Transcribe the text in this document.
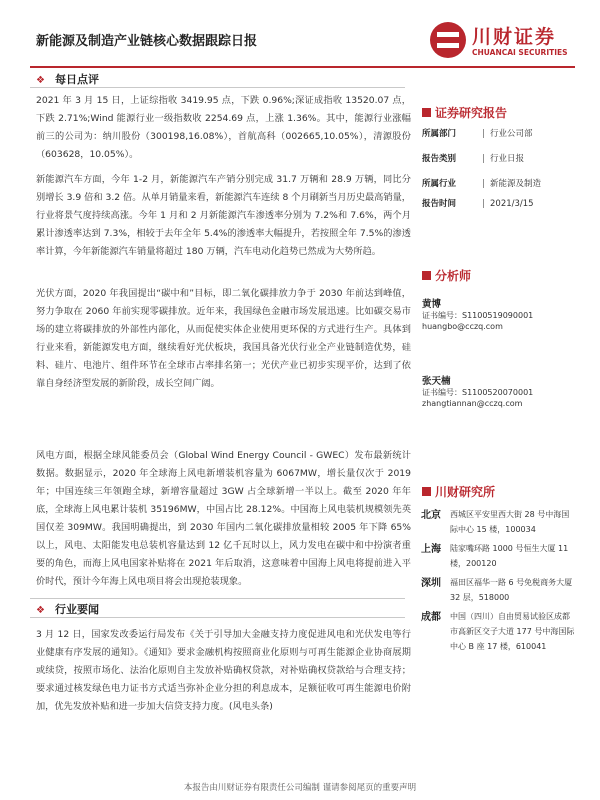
新能源及制造产业链核心数据跟踪日报	川财证券
CHUANCAI SECURITIES
❖ 每日点评

2021 年 3 月 15 日，上证综指收 3419.95 点，下跌 0.96%;深证成指收 13520.07 点，下跌 2.71%;Wind 能源行业一级指数收 2254.69 点，上涨 1.36%。其中，能源行业涨幅前三的公司为：纳川股份（300198,16.08%），首航高科（002665,10.05%），清源股份（603628，10.05%）。

新能源汽车方面，今年 1-2 月，新能源汽车产销分别完成 31.7 万辆和 28.9 万辆，同比分别增长 3.9 倍和 3.2 倍。从单月销量来看，新能源汽车连续 8 个月刷新当月历史最高销量，行业将景气度持续高涨。今年 1 月和 2 月新能源汽车渗透率分别为 7.2%和 7.6%，两个月累计渗透率达到 7.3%，相较于去年全年 5.4%的渗透率大幅提升，若按照全年 7.5%的渗透率计算，今年新能源汽车销量将超过 180 万辆，汽车电动化趋势已然成为大势所趋。

光伏方面，2020 年我国提出“碳中和”目标，即二氧化碳排放力争于 2030 年前达到峰值，努力争取在 2060 年前实现零碳排放。近年来，我国绿色金融市场发展迅速。比如碳交易市场的建立将碳排放的外部性内部化，从而促使实体企业使用更环保的方式进行生产。具体到行业来看，新能源发电方面，继续看好光伏板块，我国具备光伏行业全产业链制造优势，硅料、硅片、电池片、组件环节在全球市占率排名第一；光伏产业已初步实现平价，达到了依靠自身经济型发展的新阶段，成长空间广阔。

风电方面，根据全球风能委员会（Global Wind Energy Council - GWEC）发布最新统计数据。数据显示，2020 年全球海上风电新增装机容量为 6067MW，增长量仅次于 2019 年；中国连续三年领跑全球，新增容量超过 3GW 占全球新增一半以上。截至 2020 年年底，全球海上风电累计装机 35196MW，中国占比 28.12%。中国海上风电装机规模领先英国仅差 309MW。我国明确提出，到 2030 年国内二氧化碳排放量相较 2005 年下降 65%以上，风电、太阳能发电总装机容量达到 12 亿千瓦时以上，风力发电在碳中和中扮演者重要的角色，而海上风电国家补贴将在 2021 年后取消，这意味着中国海上风电将提前进入平价时代，预计今年海上风电项目将会出现抢装现象。

❖ 行业要闻

3 月 12 日，国家发改委运行局发布《关于引导加大金融支持力度促进风电和光伏发电等行业健康有序发展的通知》。《通知》要求金融机构按照商业化原则与可再生能源企业协商展期或续贷，按照市场化、法治化原则自主发放补贴确权贷款，对补贴确权贷款给与合理支持；要求通过核发绿色电力证书方式适当弥补企业分担的利息成本，足额征收可再生能源电价附加，优先发放补贴和进一步加大信贷支持力度。(风电头条)

证券研究报告
所属部门	| 行业公司部
报告类别	| 行业日报
所属行业	| 新能源及制造
报告时间	| 2021/3/15
分析师
黄博
证书编号：S1100519090001
huangbo@cczq.com
张天楠
证书编号：S1100520070001
zhangtiannan@cczq.com
川财研究所
北京 西城区平安里西大街 28 号中海国际中心 15 楼，100034
上海 陆家嘴环路 1000 号恒生大厦 11 楼，200120
深圳 福田区福华一路 6 号免税商务大厦 32 层，518000
成都 中国（四川）自由贸易试验区成都市高新区交子大道 177 号中海国际中心 B 座 17 楼，610041
本报告由川财证券有限责任公司编制 谨请参阅尾页的重要声明
